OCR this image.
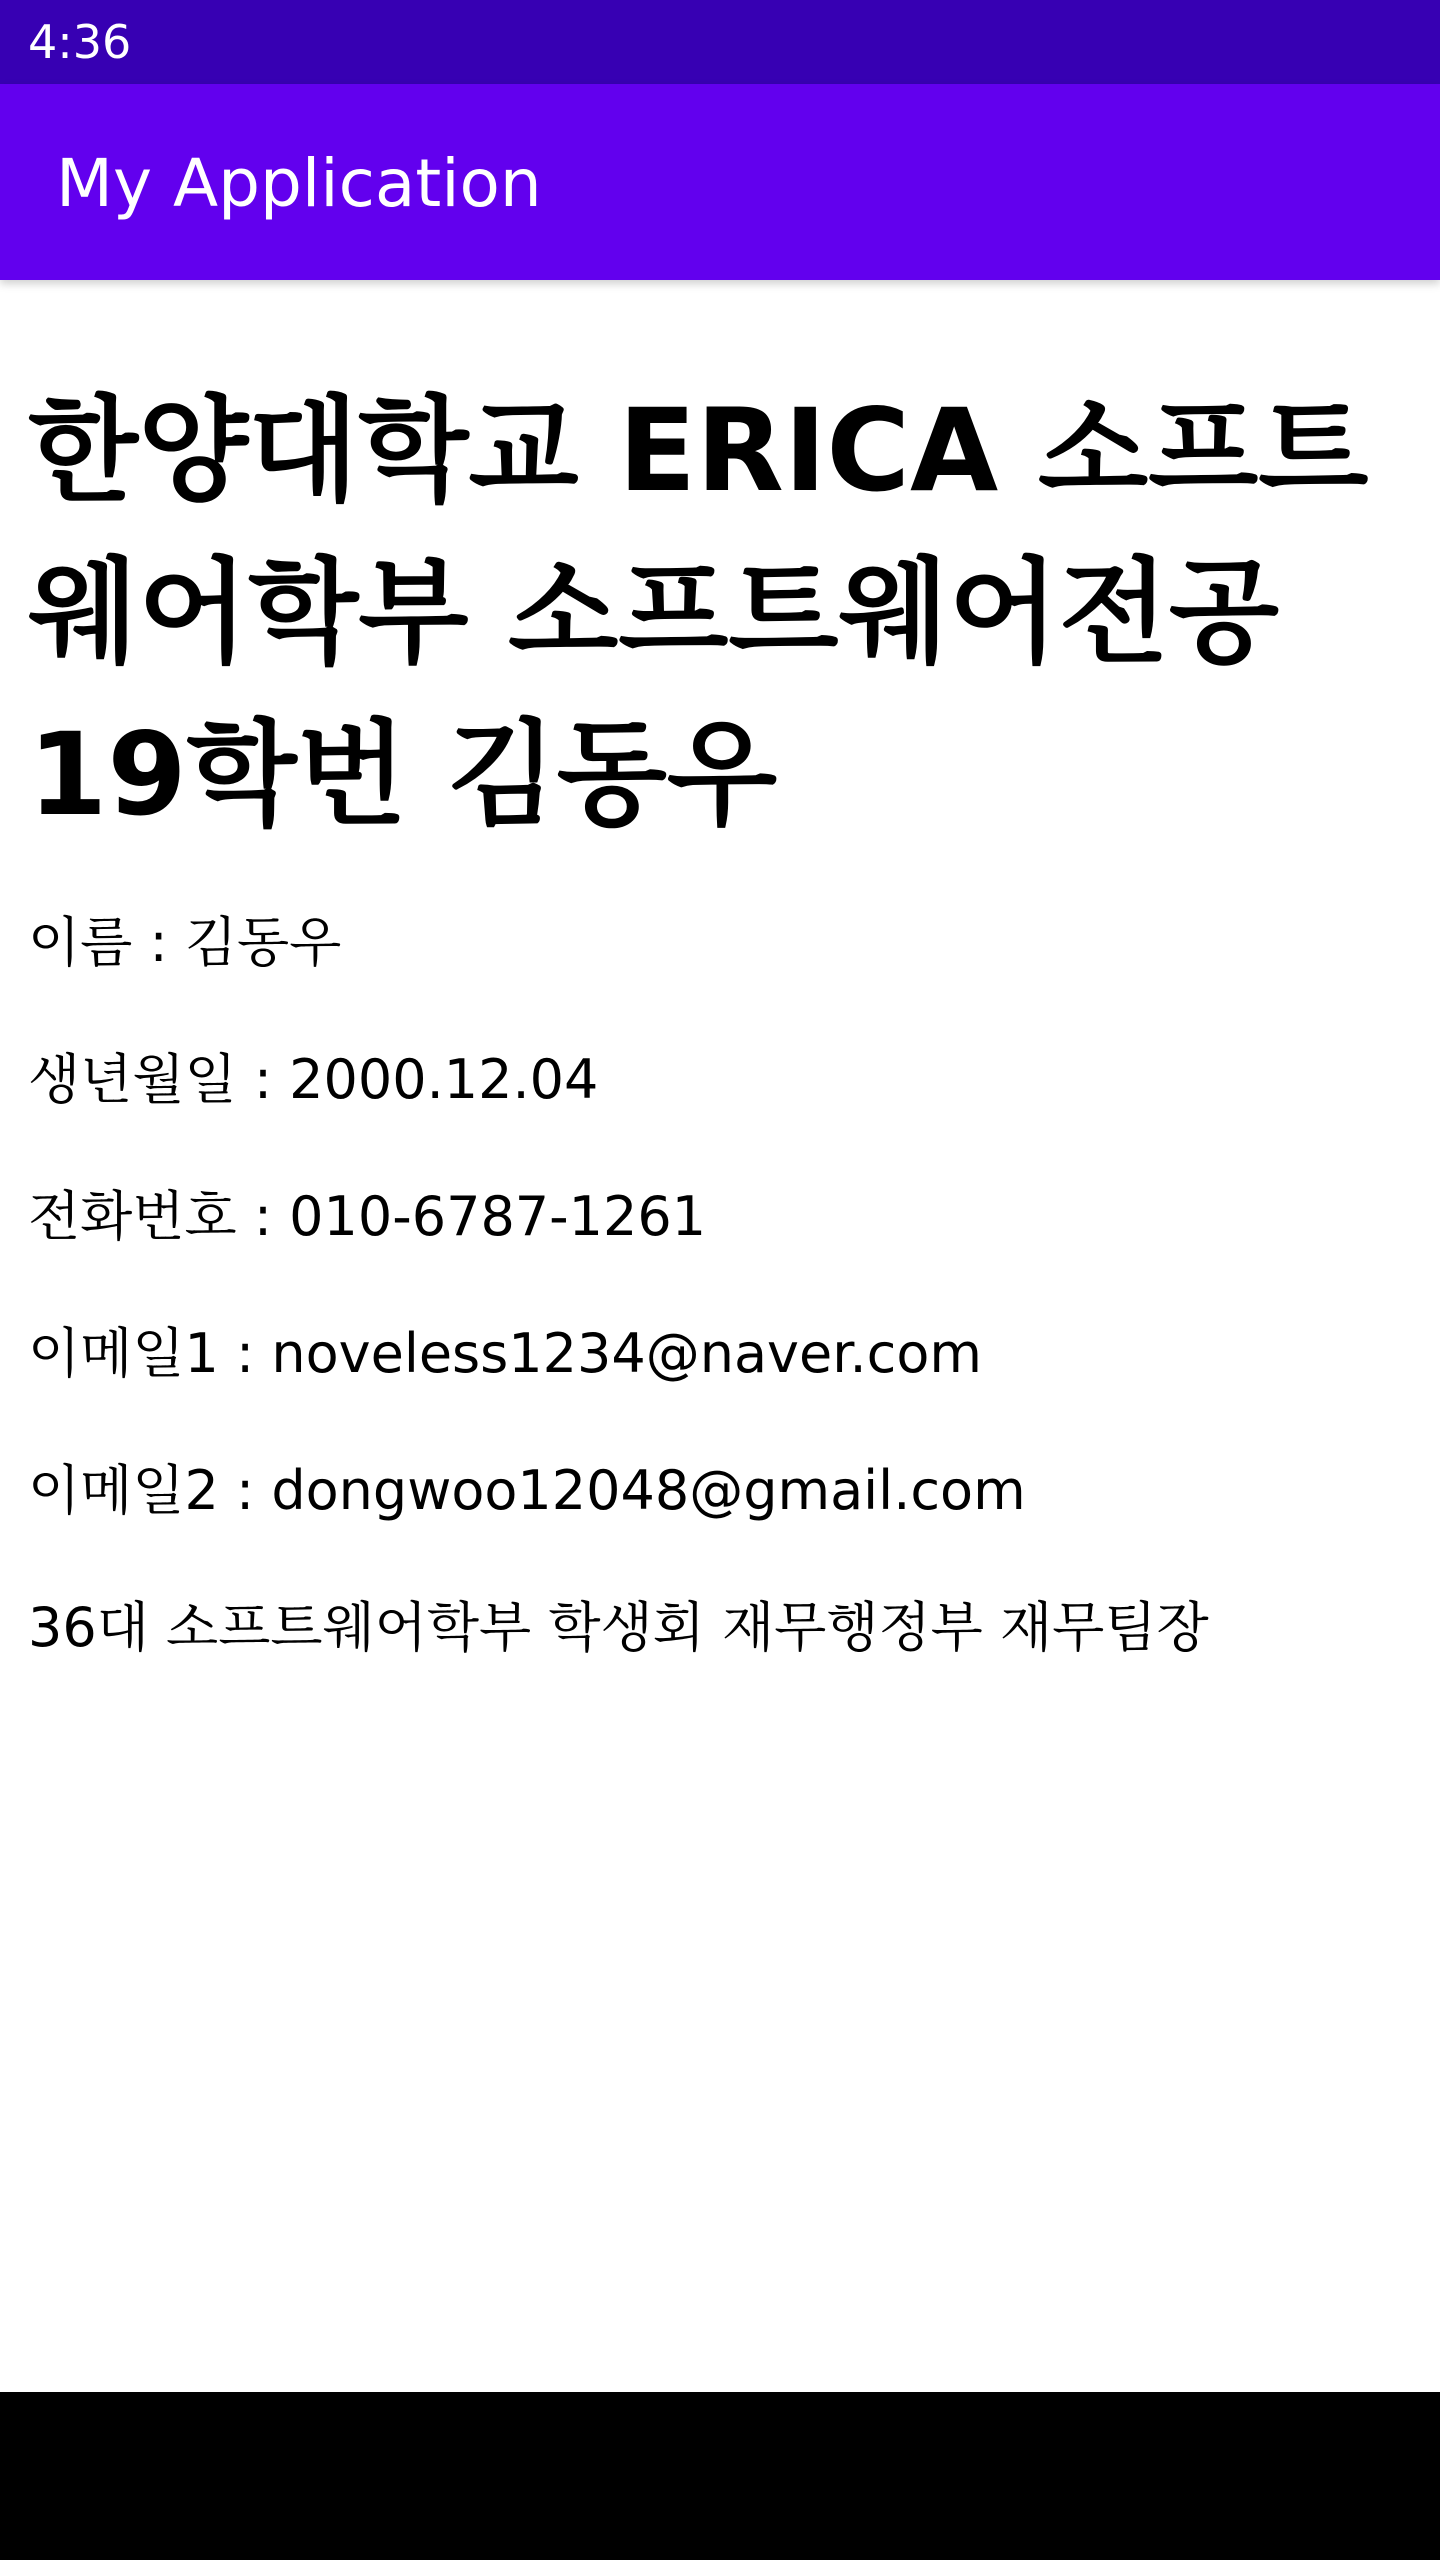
4:36
My Application
한양대학교 ERICA 소프트웨어학부 소프트웨어전공 19학번 김동우
이름 : 김동우
생년월일 : 2000.12.04
전화번호 : 010-6787-1261
이메일1 : noveless1234@naver.com
이메일2 : dongwoo12048@gmail.com
36대 소프트웨어학부 학생회 재무행정부 재무팀장
